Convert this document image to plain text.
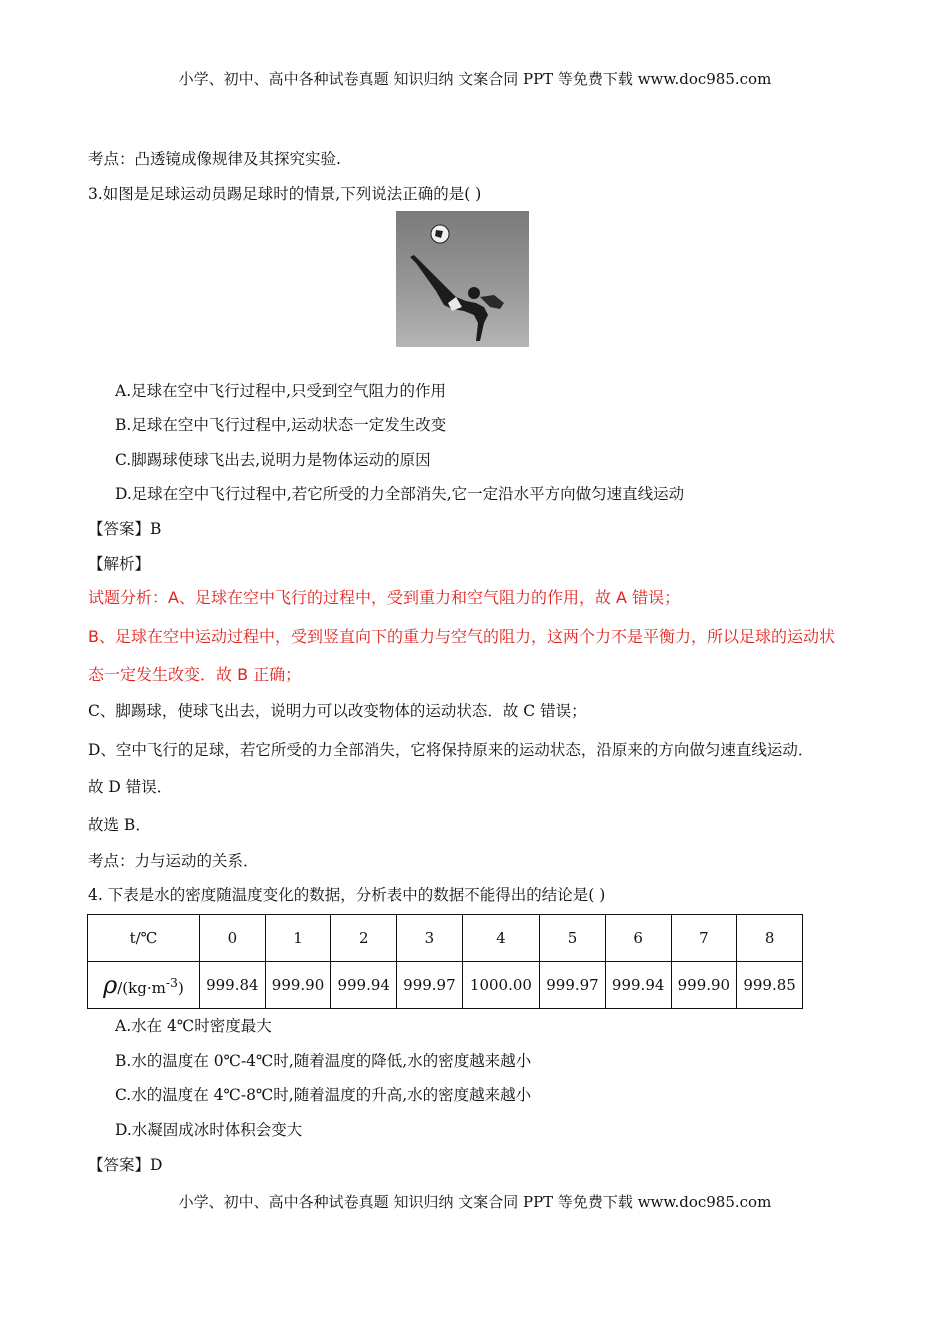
小学、初中、高中各种试卷真题 知识归纳 文案合同 PPT 等免费下载 www.doc985.com
考点：凸透镜成像规律及其探究实验.
3.如图是足球运动员踢足球时的情景,下列说法正确的是( )
A.足球在空中飞行过程中,只受到空气阻力的作用
B.足球在空中飞行过程中,运动状态一定发生改变
C.脚踢球使球飞出去,说明力是物体运动的原因
D.足球在空中飞行过程中,若它所受的力全部消失,它一定沿水平方向做匀速直线运动
【答案】B
【解析】
试题分析：A、足球在空中飞行的过程中，受到重力和空气阻力的作用，故 A 错误；
B、足球在空中运动过程中，受到竖直向下的重力与空气的阻力，这两个力不是平衡力，所以足球的运动状
态一定发生改变．故 B 正确；
C、脚踢球，使球飞出去，说明力可以改变物体的运动状态．故 C 错误；
D、空中飞行的足球，若它所受的力全部消失，它将保持原来的运动状态，沿原来的方向做匀速直线运动．
故 D 错误．
故选 B．
考点：力与运动的关系．
4. 下表是水的密度随温度变化的数据，分析表中的数据不能得出的结论是( )
t/℃	0	1	2	3	4	5	6	7	8
$\rho/(kg\cdot m^{-3})$	999.84	999.90	999.94	999.97	1000.00	999.97	999.94	999.90	999.85
A.水在 4℃时密度最大
B.水的温度在 0℃-4℃时,随着温度的降低,水的密度越来越小
C.水的温度在 4℃-8℃时,随着温度的升高,水的密度越来越小
D.水凝固成冰时体积会变大
【答案】D
小学、初中、高中各种试卷真题 知识归纳 文案合同 PPT 等免费下载 www.doc985.com
